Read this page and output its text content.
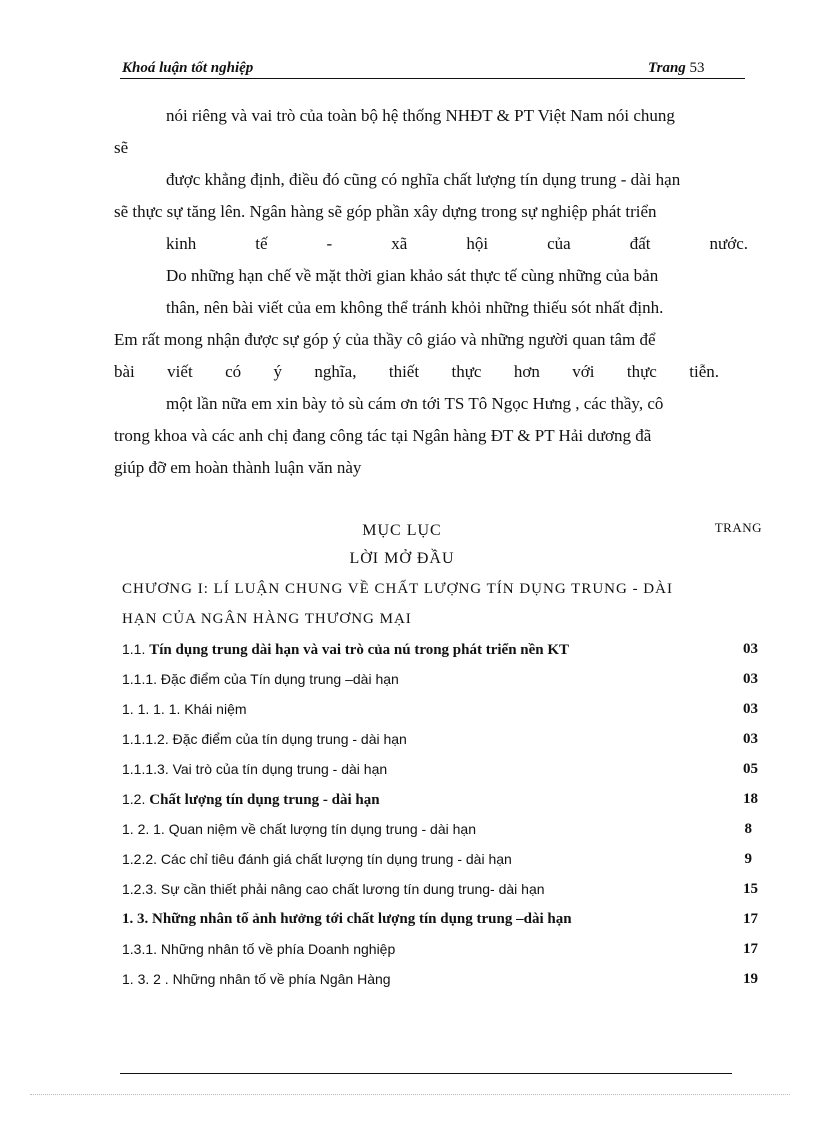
Khoá luận tốt nghiệp	Trang 53

nói riêng và vai trò của toàn bộ hệ thống NHĐT & PT Việt Nam nói chung

sẽ

được khẳng định, điều đó cũng có nghĩa chất lượng tín dụng trung - dài hạn

sẽ thực sự tăng lên. Ngân hàng sẽ góp phần xây dựng trong sự nghiệp phát triển

kinh tế - xã hội của đất nước.

Do những hạn chế về mặt thời gian khảo sát thực tế cùng những của bản

thân, nên bài viết của em không thể tránh khỏi những thiếu sót nhất định.

Em rất mong nhận được sự góp ý của thầy cô giáo và những người quan tâm để

bài viết có ý nghĩa, thiết thực hơn với thực tiễn.

một lần nữa em xin bày tỏ sù cám ơn tới TS Tô Ngọc Hưng , các thầy, cô

trong khoa và các anh chị đang công tác tại Ngân hàng ĐT & PT Hải dương đã

giúp đỡ em hoàn thành luận văn này

MỤC LỤC	TRANG
LỜI MỞ ĐẦU
CHƯƠNG I: LÍ LUẬN CHUNG VỀ CHẤT LƯỢNG TÍN DỤNG TRUNG - DÀI
HẠN CỦA NGÂN HÀNG THƯƠNG MẠI
1.1. Tín dụng trung dài hạn và vai trò của nú trong phát triển nền KT	03
1.1.1. Đặc điểm của Tín dụng trung –dài hạn	03
1. 1. 1. 1. Khái niệm	03
1.1.1.2. Đặc điểm của tín dụng trung - dài hạn	03
1.1.1.3. Vai trò của tín dụng trung - dài hạn	05
1.2. Chất lượng tín dụng trung - dài hạn	18
1. 2. 1. Quan niệm về chất lượng tín dụng trung - dài hạn	8
1.2.2. Các chỉ tiêu đánh giá chất lượng tín dụng trung - dài hạn	9
1.2.3. Sự cần thiết phải nâng cao chất lương tín dung trung- dài hạn	15
1. 3. Những nhân tố ảnh hưởng tới chất lượng tín dụng trung –dài hạn	17
1.3.1. Những nhân tố về phía Doanh nghiệp	17
1. 3. 2 . Những nhân tố về phía Ngân Hàng	19
